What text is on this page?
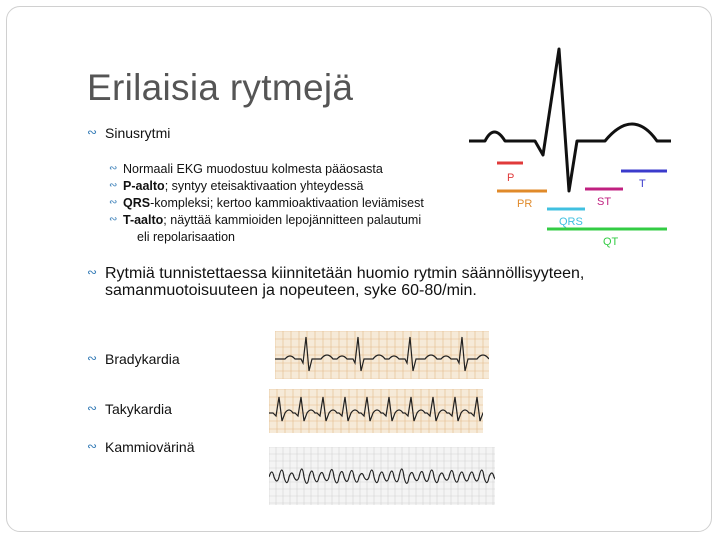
Erilaisia rytmejä
∾ Sinusrytmi
∾ Normaali EKG muodostuu kolmesta pääosasta
∾ P-aalto; syntyy eteisaktivaation yhteydessä
∾ QRS-kompleksi; kertoo kammioaktivaation leviämisest
∾ T-aalto; näyttää kammioiden lepojännitteen palautumi
eli repolarisaation
P	T
PR	ST
QRS
QT
∾ Rytmiä tunnistettaessa kiinnitetään huomio rytmin säännöllisyyteen,
samanmuotoisuuteen ja nopeuteen, syke 60-80/min.
∾ Bradykardia
∾ Takykardia
∾ Kammiovärinä
